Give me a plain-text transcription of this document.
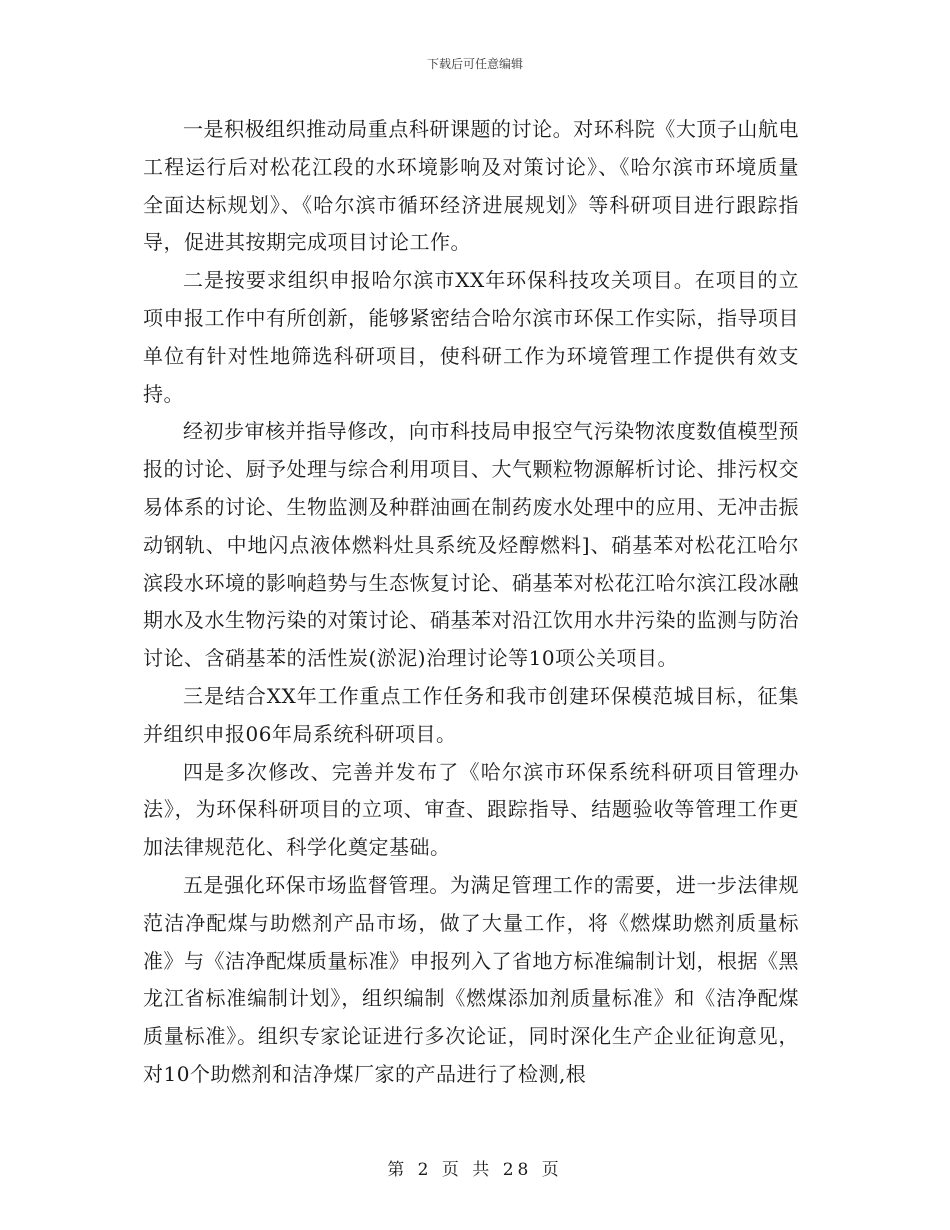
下载后可任意编辑

一是积极组织推动局重点科研课题的讨论。对环科院《大顶子山航电工程运行后对松花江段的水环境影响及对策讨论》、《哈尔滨市环境质量全面达标规划》、《哈尔滨市循环经济进展规划》等科研项目进行跟踪指导，促进其按期完成项目讨论工作。

二是按要求组织申报哈尔滨市XX年环保科技攻关项目。在项目的立项申报工作中有所创新，能够紧密结合哈尔滨市环保工作实际，指导项目单位有针对性地筛选科研项目，使科研工作为环境管理工作提供有效支持。

经初步审核并指导修改，向市科技局申报空气污染物浓度数值模型预报的讨论、厨予处理与综合利用项目、大气颗粒物源解析讨论、排污权交易体系的讨论、生物监测及种群油画在制药废水处理中的应用、无冲击振动钢轨、中地闪点液体燃料灶具系统及烃醇燃料]、硝基苯对松花江哈尔滨段水环境的影响趋势与生态恢复讨论、硝基苯对松花江哈尔滨江段冰融期水及水生物污染的对策讨论、硝基苯对沿江饮用水井污染的监测与防治讨论、含硝基苯的活性炭(淤泥)治理讨论等10项公关项目。

三是结合XX年工作重点工作任务和我市创建环保模范城目标，征集并组织申报06年局系统科研项目。

四是多次修改、完善并发布了《哈尔滨市环保系统科研项目管理办法》，为环保科研项目的立项、审查、跟踪指导、结题验收等管理工作更加法律规范化、科学化奠定基础。

五是强化环保市场监督管理。为满足管理工作的需要，进一步法律规范洁净配煤与助燃剂产品市场，做了大量工作，将《燃煤助燃剂质量标准》与《洁净配煤质量标准》申报列入了省地方标准编制计划，根据《黑龙江省标准编制计划》，组织编制《燃煤添加剂质量标准》和《洁净配煤质量标准》。组织专家论证进行多次论证，同时深化生产企业征询意见，对10个助燃剂和洁净煤厂家的产品进行了检测,根

第 2 页 共 28 页
